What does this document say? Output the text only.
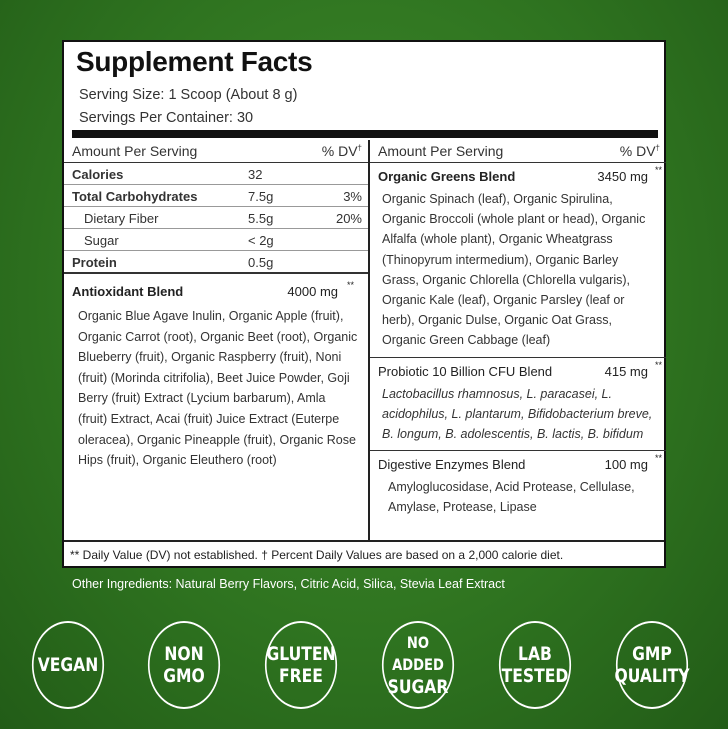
Supplement Facts
Serving Size: 1 Scoop (About 8 g)
Servings Per Container: 30
Amount Per Serving	% DV†
Calories	32
Total Carbohydrates	7.5g	3%
Dietary Fiber	5.5g	20%
Sugar	< 2g
Protein	0.5g
Antioxidant Blend	4000 mg **
Organic Blue Agave Inulin, Organic Apple (fruit), Organic Carrot (root), Organic Beet (root), Organic Blueberry (fruit), Organic Raspberry (fruit), Noni (fruit) (Morinda citrifolia), Beet Juice Powder, Goji Berry (fruit) Extract (Lycium barbarum), Amla (fruit) Extract, Acai (fruit) Juice Extract (Euterpe oleracea), Organic Pineapple (fruit), Organic Rose Hips (fruit), Organic Eleuthero (root)
Amount Per Serving	% DV†
Organic Greens Blend	3450 mg **
Organic Spinach (leaf), Organic Spirulina, Organic Broccoli (whole plant or head), Organic Alfalfa (whole plant), Organic Wheatgrass (Thinopyrum intermedium), Organic Barley Grass, Organic Chlorella (Chlorella vulgaris), Organic Kale (leaf), Organic Parsley (leaf or herb), Organic Dulse, Organic Oat Grass, Organic Green Cabbage (leaf)
Probiotic 10 Billion CFU Blend	415 mg **
Lactobacillus rhamnosus, L. paracasei, L. acidophilus, L. plantarum, Bifidobacterium breve, B. longum, B. adolescentis, B. lactis, B. bifidum
Digestive Enzymes Blend	100 mg **
Amyloglucosidase, Acid Protease, Cellulase, Amylase, Protease, Lipase
** Daily Value (DV) not established. † Percent Daily Values are based on a 2,000 calorie diet.
Other Ingredients: Natural Berry Flavors, Citric Acid, Silica, Stevia Leaf Extract
VEGAN	NON
GMO
GLUTEN
FREE
NO ADDED
SUGAR
LAB
TESTED
GMP
QUALITY
